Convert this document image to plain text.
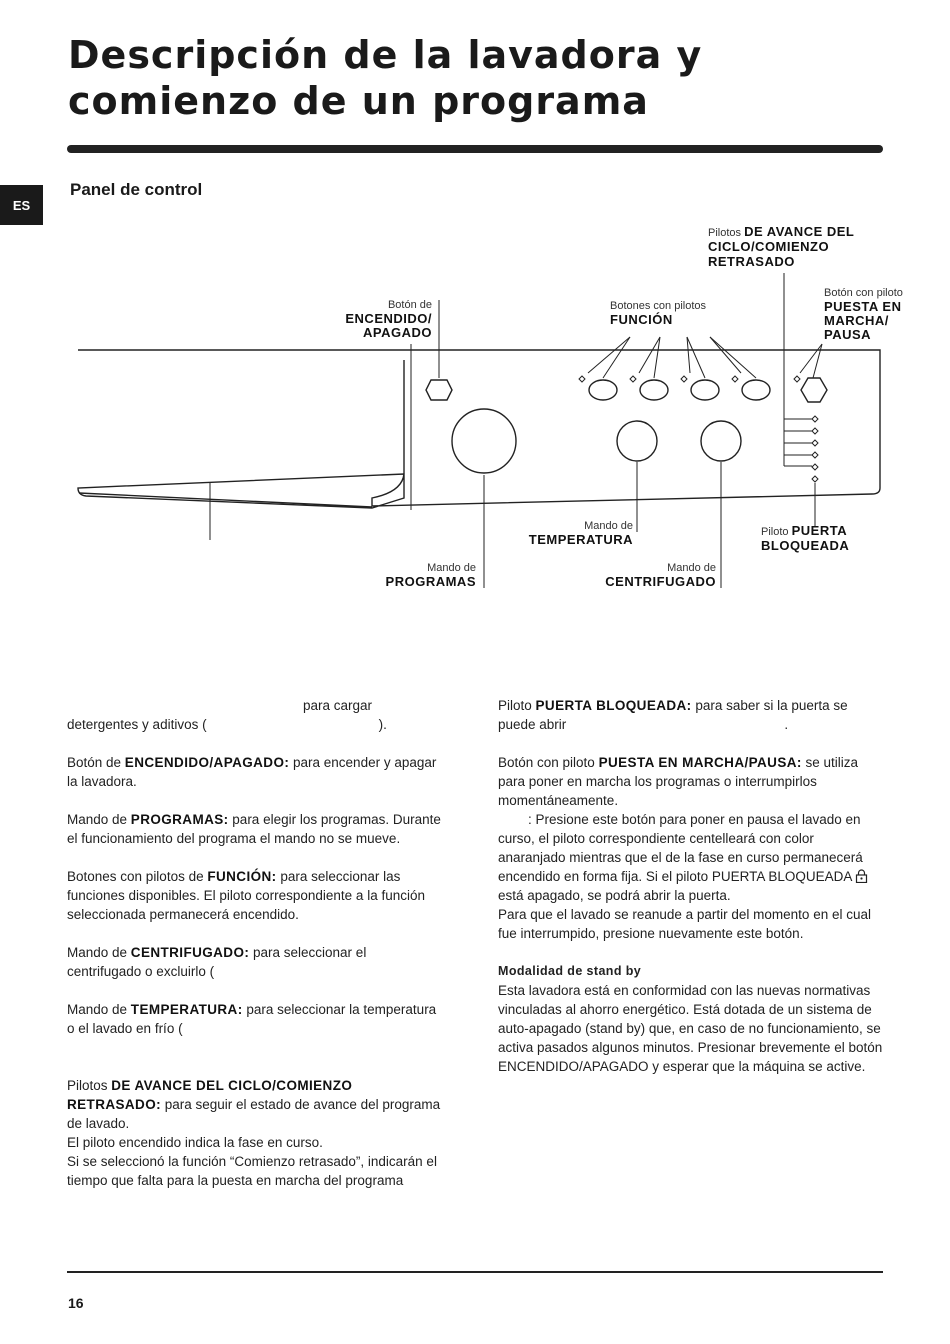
Descripción de la lavadora y comienzo de un programa
ES
Panel de control
Pilotos DE AVANCE DEL CICLO/COMIENZO RETRASADO
Botón de
ENCENDIDO/ APAGADO
Botones con pilotos
FUNCIÓN
Botón con piloto
PUESTA EN MARCHA/ PAUSA
Mando de
TEMPERATURA	Piloto PUERTA BLOQUEADA
Mando de
PROGRAMAS
Mando de
CENTRIFUGADO

para cargar
detergentes y aditivos (	).

Botón de ENCENDIDO/APAGADO: para encender y apagar la lavadora.

Mando de PROGRAMAS: para elegir los programas. Durante el funcionamiento del programa el mando no se mueve.

Botones con pilotos de FUNCIÓN: para seleccionar las funciones disponibles. El piloto correspondiente a la función seleccionada permanecerá encendido.

Mando de CENTRIFUGADO: para seleccionar el centrifugado o excluirlo (

Mando de TEMPERATURA: para seleccionar la temperatura o el lavado en frío (

Pilotos DE AVANCE DEL CICLO/COMIENZO RETRASADO: para seguir el estado de avance del programa de lavado.
El piloto encendido indica la fase en curso.
Si se seleccionó la función “Comienzo retrasado”, indicarán el tiempo que falta para la puesta en marcha del programa

Piloto PUERTA BLOQUEADA: para saber si la puerta se puede abrir	.

Botón con piloto PUESTA EN MARCHA/PAUSA: se utiliza para poner en marcha los programas o interrumpirlos momentáneamente.
: Presione este botón para poner en pausa el lavado en curso, el piloto correspondiente centelleará con color anaranjado mientras que el de la fase en curso permanecerá encendido en forma fija. Si el piloto PUERTA BLOQUEADA  está apagado, se podrá abrir la puerta.
Para que el lavado se reanude a partir del momento en el cual fue interrumpido, presione nuevamente este botón.

Modalidad de stand by

Esta lavadora está en conformidad con las nuevas normativas vinculadas al ahorro energético. Está dotada de un sistema de auto-apagado (stand by) que, en caso de no funcionamiento, se activa pasados algunos minutos. Presionar brevemente el botón ENCENDIDO/APAGADO y esperar que la máquina se active.

16
